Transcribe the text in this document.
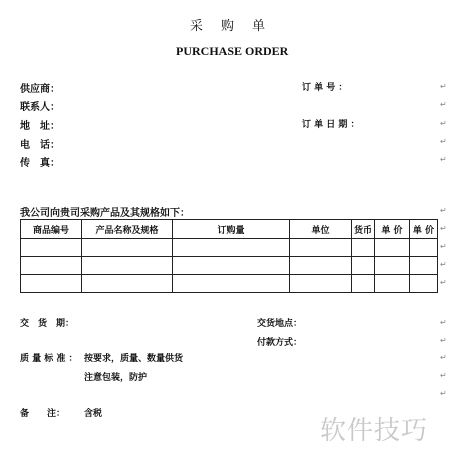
采购单
PURCHASE ORDER
供应商：	订 单 号 ：
联系人：
地　址：	订 单 日 期 ：
电　话：
传　真：
我公司向贵司采购产品及其规格如下：
商品编号	产品名称及规格	订购量	单位	货币	单 价	单 价

交　货　期：	交货地点：
付款方式：
质 量 标 准 ： 按要求，质量、数量供货
注意包装，防护
备　　注： 含税
↵
↵
↵
↵
↵
↵
↵
↵
↵
↵
↵
↵
↵
↵
↵
软件技巧
